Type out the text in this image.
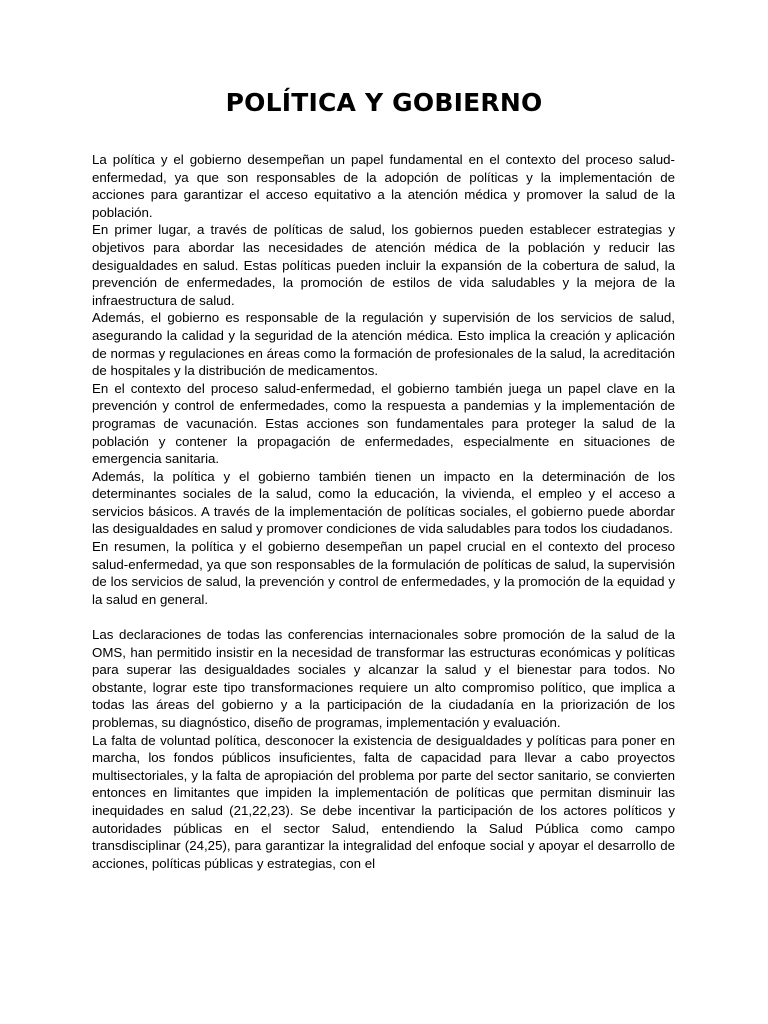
POLÍTICA Y GOBIERNO

La política y el gobierno desempeñan un papel fundamental en el contexto del proceso salud-enfermedad, ya que son responsables de la adopción de políticas y la implementación de acciones para garantizar el acceso equitativo a la atención médica y promover la salud de la población.

En primer lugar, a través de políticas de salud, los gobiernos pueden establecer estrategias y objetivos para abordar las necesidades de atención médica de la población y reducir las desigualdades en salud. Estas políticas pueden incluir la expansión de la cobertura de salud, la prevención de enfermedades, la promoción de estilos de vida saludables y la mejora de la infraestructura de salud.

Además, el gobierno es responsable de la regulación y supervisión de los servicios de salud, asegurando la calidad y la seguridad de la atención médica. Esto implica la creación y aplicación de normas y regulaciones en áreas como la formación de profesionales de la salud, la acreditación de hospitales y la distribución de medicamentos.

En el contexto del proceso salud-enfermedad, el gobierno también juega un papel clave en la prevención y control de enfermedades, como la respuesta a pandemias y la implementación de programas de vacunación. Estas acciones son fundamentales para proteger la salud de la población y contener la propagación de enfermedades, especialmente en situaciones de emergencia sanitaria.

Además, la política y el gobierno también tienen un impacto en la determinación de los determinantes sociales de la salud, como la educación, la vivienda, el empleo y el acceso a servicios básicos. A través de la implementación de políticas sociales, el gobierno puede abordar las desigualdades en salud y promover condiciones de vida saludables para todos los ciudadanos.

En resumen, la política y el gobierno desempeñan un papel crucial en el contexto del proceso salud-enfermedad, ya que son responsables de la formulación de políticas de salud, la supervisión de los servicios de salud, la prevención y control de enfermedades, y la promoción de la equidad y la salud en general.

Las declaraciones de todas las conferencias internacionales sobre promoción de la salud de la OMS, han permitido insistir en la necesidad de transformar las estructuras económicas y políticas para superar las desigualdades sociales y alcanzar la salud y el bienestar para todos. No obstante, lograr este tipo transformaciones requiere un alto compromiso político, que implica a todas las áreas del gobierno y a la participación de la ciudadanía en la priorización de los problemas, su diagnóstico, diseño de programas, implementación y evaluación.

La falta de voluntad política, desconocer la existencia de desigualdades y políticas para poner en marcha, los fondos públicos insuficientes, falta de capacidad para llevar a cabo proyectos multisectoriales, y la falta de apropiación del problema por parte del sector sanitario, se convierten entonces en limitantes que impiden la implementación de políticas que permitan disminuir las inequidades en salud (21,22,23). Se debe incentivar la participación de los actores políticos y autoridades públicas en el sector Salud, entendiendo la Salud Pública como campo transdisciplinar (24,25), para garantizar la integralidad del enfoque social y apoyar el desarrollo de acciones, políticas públicas y estrategias, con el
